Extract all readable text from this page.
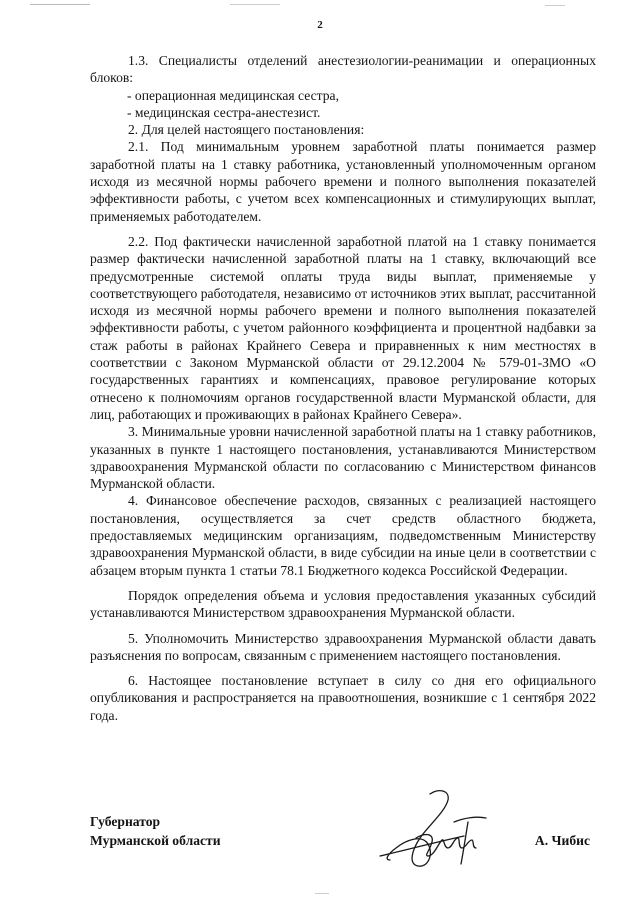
2

1.3. Специалисты отделений анестезиологии-реанимации и операционных блоков:

- операционная медицинская сестра,

- медицинская сестра-анестезист.

2. Для целей настоящего постановления:

2.1. Под минимальным уровнем заработной платы понимается размер заработной платы на 1 ставку работника, установленный уполномоченным органом исходя из месячной нормы рабочего времени и полного выполнения показателей эффективности работы, с учетом всех компенсационных и стимулирующих выплат, применяемых работодателем.

2.2. Под фактически начисленной заработной платой на 1 ставку понимается размер фактически начисленной заработной платы на 1 ставку, включающий все предусмотренные системой оплаты труда виды выплат, применяемые у соответствующего работодателя, независимо от источников этих выплат, рассчитанной исходя из месячной нормы рабочего времени и полного выполнения показателей эффективности работы, с учетом районного коэффициента и процентной надбавки за стаж работы в районах Крайнего Севера и приравненных к ним местностях в соответствии с Законом Мурманской области от 29.12.2004 № 579-01-ЗМО «О государственных гарантиях и компенсациях, правовое регулирование которых отнесено к полномочиям органов государственной власти Мурманской области, для лиц, работающих и проживающих в районах Крайнего Севера».

3. Минимальные уровни начисленной заработной платы на 1 ставку работников, указанных в пункте 1 настоящего постановления, устанавливаются Министерством здравоохранения Мурманской области по согласованию с Министерством финансов Мурманской области.

4. Финансовое обеспечение расходов, связанных с реализацией настоящего постановления, осуществляется за счет средств областного бюджета, предоставляемых медицинским организациям, подведомственным Министерству здравоохранения Мурманской области, в виде субсидии на иные цели в соответствии с абзацем вторым пункта 1 статьи 78.1 Бюджетного кодекса Российской Федерации.

Порядок определения объема и условия предоставления указанных субсидий устанавливаются Министерством здравоохранения Мурманской области.

5. Уполномочить Министерство здравоохранения Мурманской области давать разъяснения по вопросам, связанным с применением настоящего постановления.

6. Настоящее постановление вступает в силу со дня его официального опубликования и распространяется на правоотношения, возникшие с 1 сентября 2022 года.

Губернатор
Мурманской области	А. Чибис
